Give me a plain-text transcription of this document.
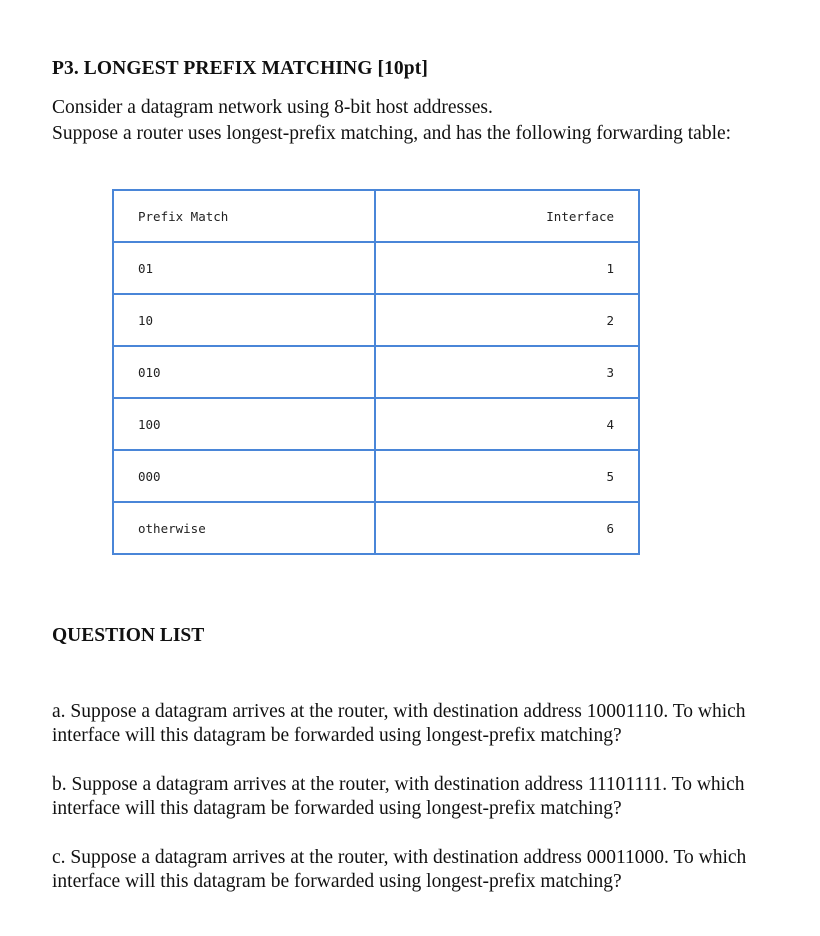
P3. LONGEST PREFIX MATCHING [10pt]
Consider a datagram network using 8-bit host addresses.
Suppose a router uses longest-prefix matching, and has the following forwarding table:
Prefix Match	Interface
01	1
10	2
010	3
100	4
000	5
otherwise	6
QUESTION LIST
a. Suppose a datagram arrives at the router, with destination address 10001110. To which
interface will this datagram be forwarded using longest-prefix matching?
b. Suppose a datagram arrives at the router, with destination address 11101111. To which
interface will this datagram be forwarded using longest-prefix matching?
c. Suppose a datagram arrives at the router, with destination address 00011000. To which
interface will this datagram be forwarded using longest-prefix matching?
